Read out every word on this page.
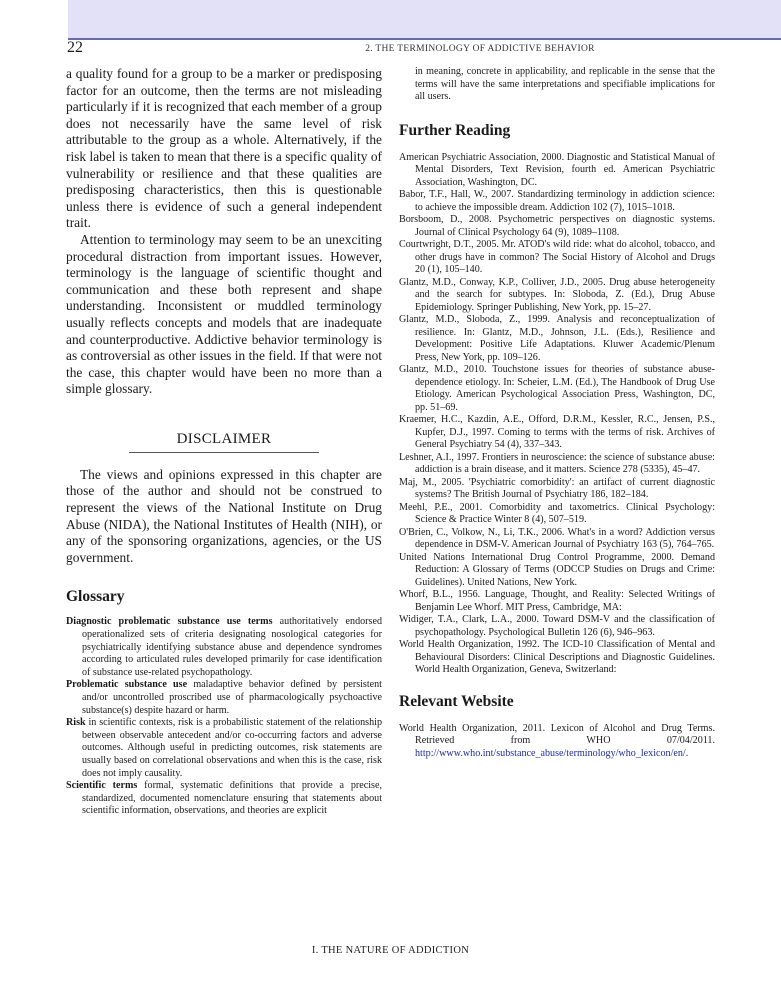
22	2. THE TERMINOLOGY OF ADDICTIVE BEHAVIOR

a quality found for a group to be a marker or predisposing factor for an outcome, then the terms are not misleading particularly if it is recognized that each member of a group does not necessarily have the same level of risk attributable to the group as a whole. Alternatively, if the risk label is taken to mean that there is a specific quality of vulnerability or resilience and that these qualities are predisposing characteristics, then this is questionable unless there is evidence of such a general independent trait.

Attention to terminology may seem to be an unexciting procedural distraction from important issues. However, terminology is the language of scientific thought and communication and these both represent and shape understanding. Inconsistent or muddled terminology usually reflects concepts and models that are inadequate and counterproductive. Addictive behavior terminology is as controversial as other issues in the field. If that were not the case, this chapter would have been no more than a simple glossary.

DISCLAIMER

The views and opinions expressed in this chapter are those of the author and should not be construed to represent the views of the National Institute on Drug Abuse (NIDA), the National Institutes of Health (NIH), or any of the sponsoring organizations, agencies, or the US government.

Glossary

Diagnostic problematic substance use terms authoritatively endorsed operationalized sets of criteria designating nosological categories for psychiatrically identifying substance abuse and dependence syndromes according to articulated rules developed primarily for case identification of substance use-related psychopathology.

Problematic substance use maladaptive behavior defined by persistent and/or uncontrolled proscribed use of pharmacologically psychoactive substance(s) despite hazard or harm.

Risk in scientific contexts, risk is a probabilistic statement of the relationship between observable antecedent and/or co-occurring factors and adverse outcomes. Although useful in predicting outcomes, risk statements are usually based on correlational observations and when this is the case, risk does not imply causality.

Scientific terms formal, systematic definitions that provide a precise, standardized, documented nomenclature ensuring that statements about scientific information, observations, and theories are explicit

in meaning, concrete in applicability, and replicable in the sense that the terms will have the same interpretations and specifiable implications for all users.

Further Reading

American Psychiatric Association, 2000. Diagnostic and Statistical Manual of Mental Disorders, Text Revision, fourth ed. American Psychiatric Association, Washington, DC.

Babor, T.F., Hall, W., 2007. Standardizing terminology in addiction science: to achieve the impossible dream. Addiction 102 (7), 1015–1018.

Borsboom, D., 2008. Psychometric perspectives on diagnostic systems. Journal of Clinical Psychology 64 (9), 1089–1108.

Courtwright, D.T., 2005. Mr. ATOD's wild ride: what do alcohol, tobacco, and other drugs have in common? The Social History of Alcohol and Drugs 20 (1), 105–140.

Glantz, M.D., Conway, K.P., Colliver, J.D., 2005. Drug abuse heterogeneity and the search for subtypes. In: Sloboda, Z. (Ed.), Drug Abuse Epidemiology. Springer Publishing, New York, pp. 15–27.

Glantz, M.D., Sloboda, Z., 1999. Analysis and reconceptualization of resilience. In: Glantz, M.D., Johnson, J.L. (Eds.), Resilience and Development: Positive Life Adaptations. Kluwer Academic/Plenum Press, New York, pp. 109–126.

Glantz, M.D., 2010. Touchstone issues for theories of substance abuse-dependence etiology. In: Scheier, L.M. (Ed.), The Handbook of Drug Use Etiology. American Psychological Association Press, Washington, DC, pp. 51–69.

Kraemer, H.C., Kazdin, A.E., Offord, D.R.M., Kessler, R.C., Jensen, P.S., Kupfer, D.J., 1997. Coming to terms with the terms of risk. Archives of General Psychiatry 54 (4), 337–343.

Leshner, A.I., 1997. Frontiers in neuroscience: the science of substance abuse: addiction is a brain disease, and it matters. Science 278 (5335), 45–47.

Maj, M., 2005. 'Psychiatric comorbidity': an artifact of current diagnostic systems? The British Journal of Psychiatry 186, 182–184.

Meehl, P.E., 2001. Comorbidity and taxometrics. Clinical Psychology: Science & Practice Winter 8 (4), 507–519.

O'Brien, C., Volkow, N., Li, T.K., 2006. What's in a word? Addiction versus dependence in DSM-V. American Journal of Psychiatry 163 (5), 764–765.

United Nations International Drug Control Programme, 2000. Demand Reduction: A Glossary of Terms (ODCCP Studies on Drugs and Crime: Guidelines). United Nations, New York.

Whorf, B.L., 1956. Language, Thought, and Reality: Selected Writings of Benjamin Lee Whorf. MIT Press, Cambridge, MA:

Widiger, T.A., Clark, L.A., 2000. Toward DSM-V and the classification of psychopathology. Psychological Bulletin 126 (6), 946–963.

World Health Organization, 1992. The ICD-10 Classification of Mental and Behavioural Disorders: Clinical Descriptions and Diagnostic Guidelines. World Health Organization, Geneva, Switzerland:

Relevant Website

World Health Organization, 2011. Lexicon of Alcohol and Drug Terms. Retrieved from WHO 07/04/2011. http://www.who.int/substance_abuse/terminology/who_lexicon/en/.

I. THE NATURE OF ADDICTION
